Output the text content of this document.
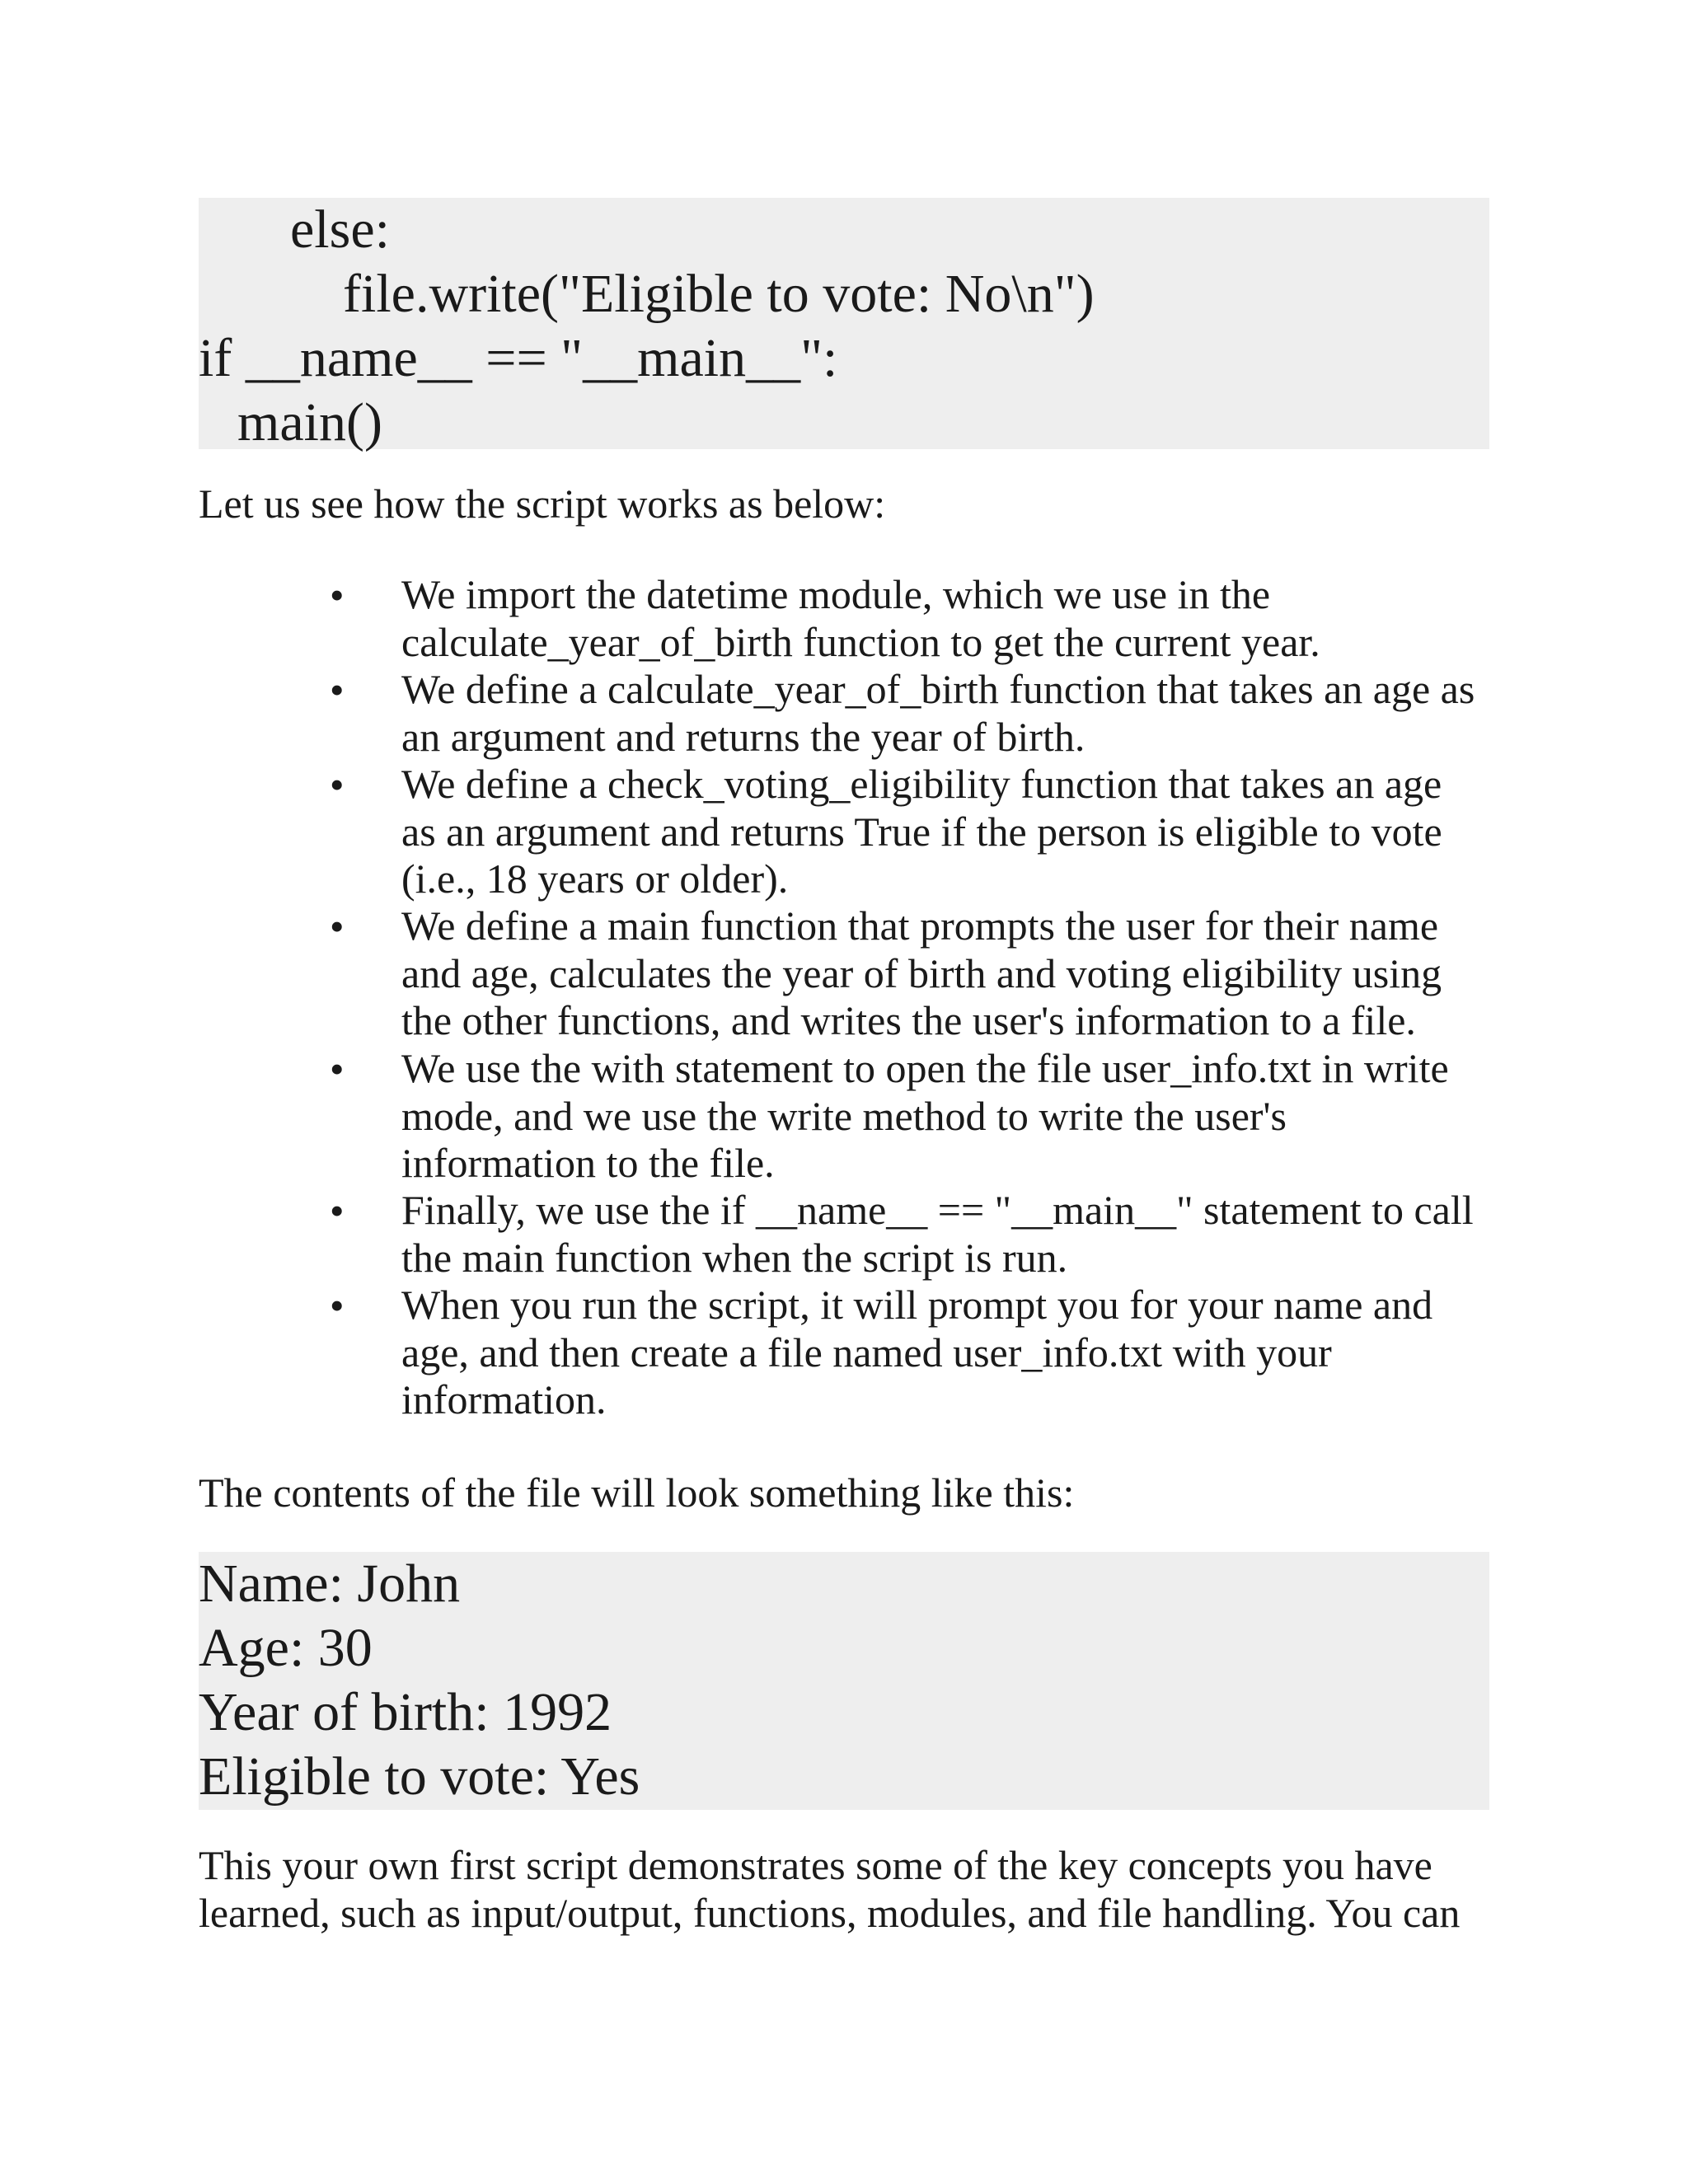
else:
file.write("Eligible to vote: No\n")
if __name__ == "__main__":
main()
Let us see how the script works as below:
•	We import the datetime module, which we use in the
calculate_year_of_birth function to get the current year.
•	We define a calculate_year_of_birth function that takes an age as
an argument and returns the year of birth.
•	We define a check_voting_eligibility function that takes an age
as an argument and returns True if the person is eligible to vote
(i.e., 18 years or older).
•	We define a main function that prompts the user for their name
and age, calculates the year of birth and voting eligibility using
the other functions, and writes the user's information to a file.
•	We use the with statement to open the file user_info.txt in write
mode, and we use the write method to write the user's
information to the file.
•	Finally, we use the if __name__ == "__main__" statement to call
the main function when the script is run.
•	When you run the script, it will prompt you for your name and
age, and then create a file named user_info.txt with your
information.
The contents of the file will look something like this:
Name: John
Age: 30
Year of birth: 1992
Eligible to vote: Yes
This your own first script demonstrates some of the key concepts you have
learned, such as input/output, functions, modules, and file handling. You can
